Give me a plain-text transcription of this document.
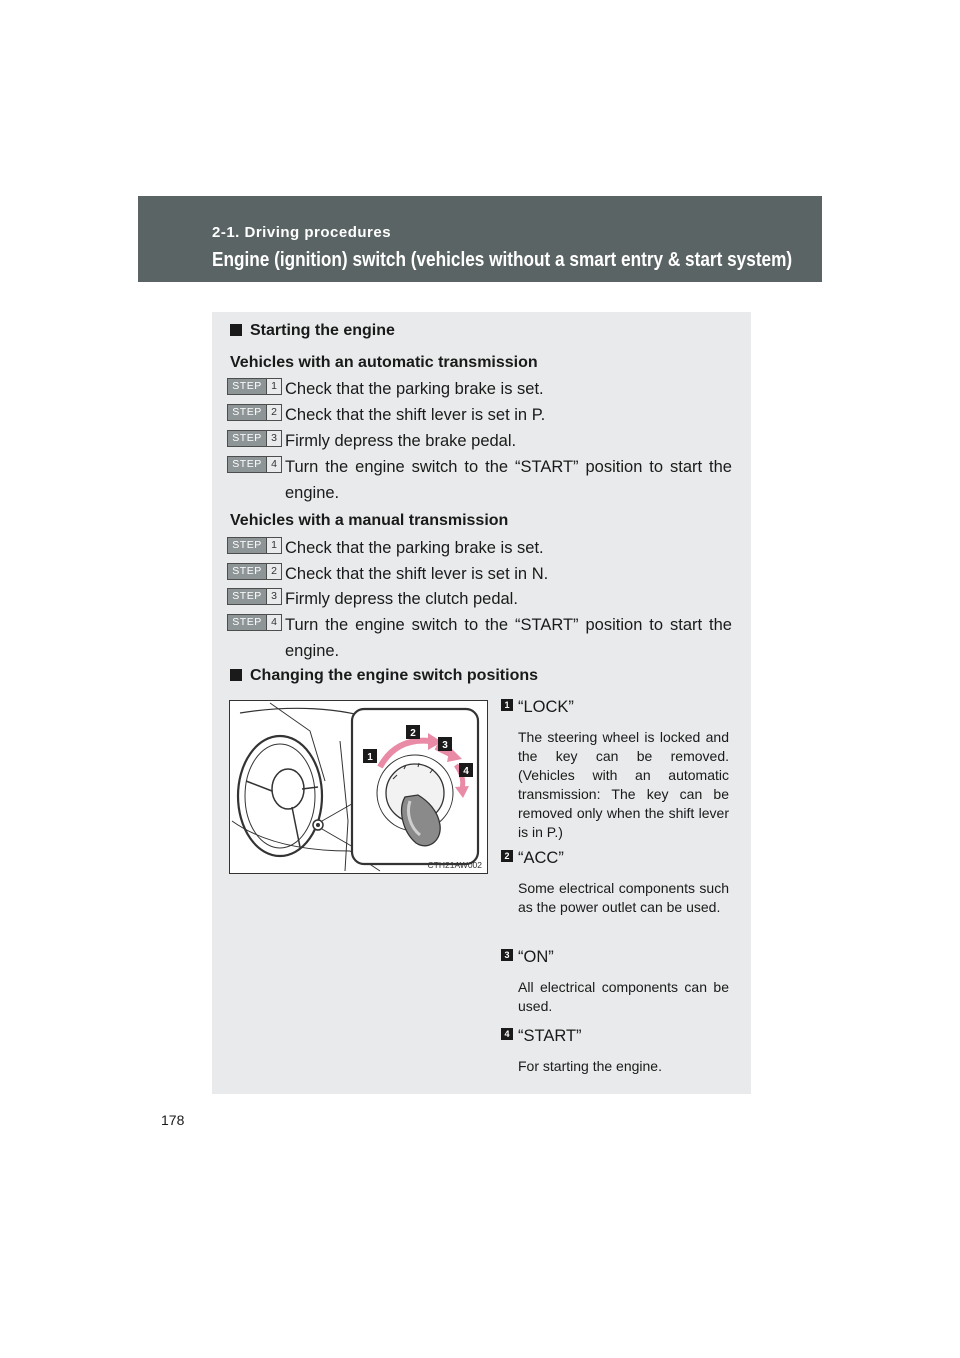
2-1. Driving procedures
Engine (ignition) switch (vehicles without a smart entry & start system)
Starting the engine
Vehicles with an automatic transmission
STEP 1 Check that the parking brake is set.
STEP 2 Check that the shift lever is set in P.
STEP 3 Firmly depress the brake pedal.
STEP 4 Turn the engine switch to the “START” position to start the engine.
Vehicles with a manual transmission
STEP 1 Check that the parking brake is set.
STEP 2 Check that the shift lever is set in N.
STEP 3 Firmly depress the clutch pedal.
STEP 4 Turn the engine switch to the “START” position to start the engine.
Changing the engine switch positions
1
2
3
4
CTH21AW002
1 “LOCK”
The steering wheel is locked and the key can be removed. (Vehicles with an automatic transmission: The key can be removed only when the shift lever is in P.)
2 “ACC”
Some electrical components such as the power outlet can be used.
3 “ON”
All electrical components can be used.
4 “START”
For starting the engine.
178
